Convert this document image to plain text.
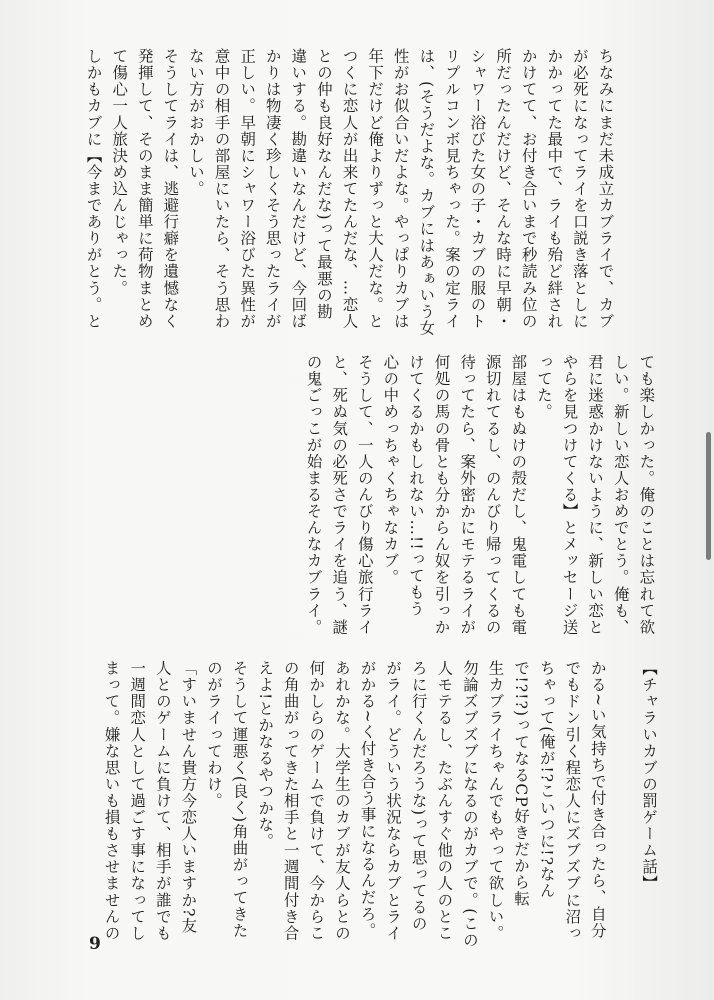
ちなみにまだ未成立カブライで、カブ
が必死になってライを口説き落としに
かかってた最中で、ライも殆ど絆され
かけてて、お付き合いまで秒読み位の
所だったんだけど、そんな時に早朝・
シャワー浴びた女の子・カブの服のト
リプルコンボ見ちゃった。案の定ライ
は、(そうだよな。カブにはあぁいう女
性がお似合いだよな。やっぱりカブは
年下だけど俺よりずっと大人だな。と
つくに恋人が出来てたんだな、…恋人
との仲も良好なんだな)って最悪の勘
違いする。勘違いなんだけど、今回ば
かりは物凄く珍しくそう思ったライが
正しい。早朝にシャワー浴びた異性が
意中の相手の部屋にいたら、そう思わ
ない方がおかしい。
そうしてライは、逃避行癖を遺憾なく
発揮して、そのまま簡単に荷物まとめ
て傷心一人旅決め込んじゃった。
しかもカブに【今までありがとう。と

ても楽しかった。俺のことは忘れて欲
しい。新しい恋人おめでとう。俺も、
君に迷惑かけないように、新しい恋と
やらを見つけてくる】とメッセージ送
ってた。
部屋はもぬけの殻だし、鬼電しても電
源切れてるし、のんびり帰ってくるの
待ってたら、案外密かにモテるライが
何処の馬の骨とも分からん奴を引っか
けてくるかもしれない…!!ってもう
心の中めっちゃくちゃなカブ。
そうして、一人のんびり傷心旅行ライ
と、死ぬ気の必死さでライを追う、謎
の鬼ごっこが始まるそんなカブライ。

【チャラいカブの罰ゲーム話】

かる~い気持ちで付き合ったら、自分
でもドン引く程恋人にズブズブに沼っ
ちゃって(俺が!?こいつに!?なん
で!?!?)ってなるCP好きだから転
生カブライちゃんでもやって欲しい。
勿論ズブズブになるのがカブで。(この
人モテるし、たぶんすぐ他の人のとこ
ろに行くんだろうな)って思ってるの
がライ。どういう状況ならカブとライ
がかる~く付き合う事になるんだろ。
あれかな。大学生のカブが友人らとの
何かしらのゲームで負けて、今からこ
の角曲がってきた相手と一週間付き合
えよ!とかなるやつかな。
そうして運悪く(良く)角曲がってきた
のがライってわけ。
「すいません貴方今恋人いますか?友
人とのゲームに負けて、相手が誰でも
一週間恋人として過ごす事になってし
まって。嫌な思いも損もさせませんの

9
